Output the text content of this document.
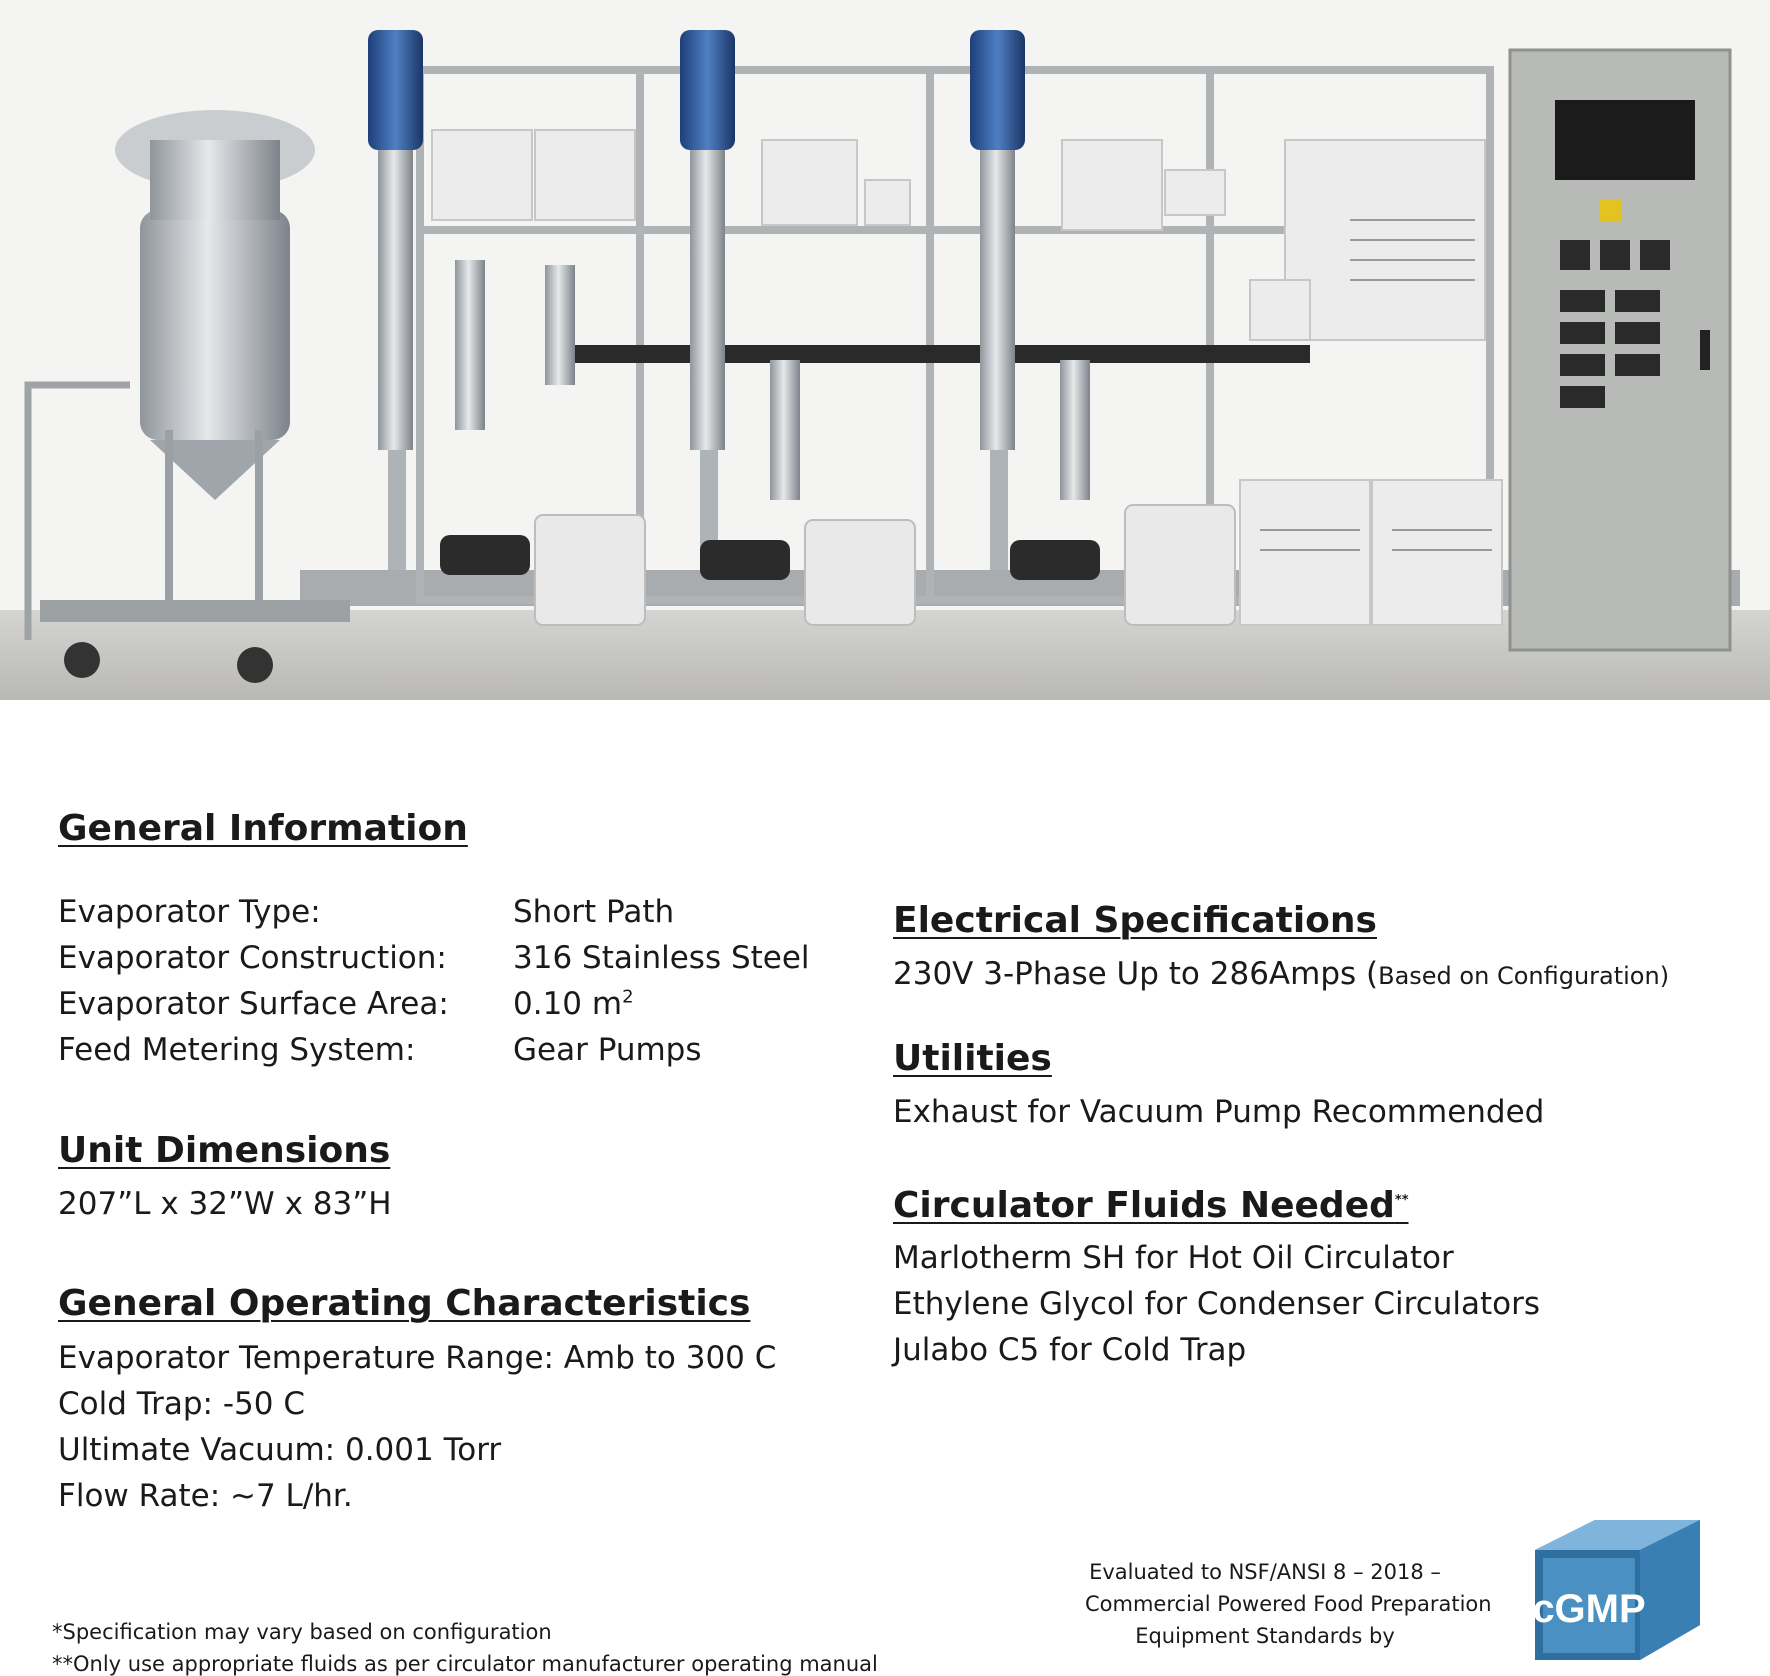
General Information
Evaporator Type:	Short Path
Evaporator Construction: 316 Stainless Steel
Evaporator Surface Area: 0.10 $m^2$
Feed Metering System:	Gear Pumps
Unit Dimensions
207”L x 32”W x 83”H
General Operating Characteristics
Evaporator Temperature Range: Amb to 300 C
Cold Trap: -50 C
Ultimate Vacuum: 0.001 Torr
Flow Rate: ~7 L/hr.
Electrical Specifications
230V 3-Phase Up to 286Amps (Based on Configuration)
Utilities
Exhaust for Vacuum Pump Recommended
Circulator Fluids Needed**
Marlotherm SH for Hot Oil Circulator
Ethylene Glycol for Condenser Circulators
Julabo C5 for Cold Trap
Evaluated to NSF/ANSI 8 – 2018 –
Commercial Powered Food Preparation
Equipment Standards by
cGMP
*Specification may vary based on configuration
**Only use appropriate fluids as per circulator manufacturer operating manual
